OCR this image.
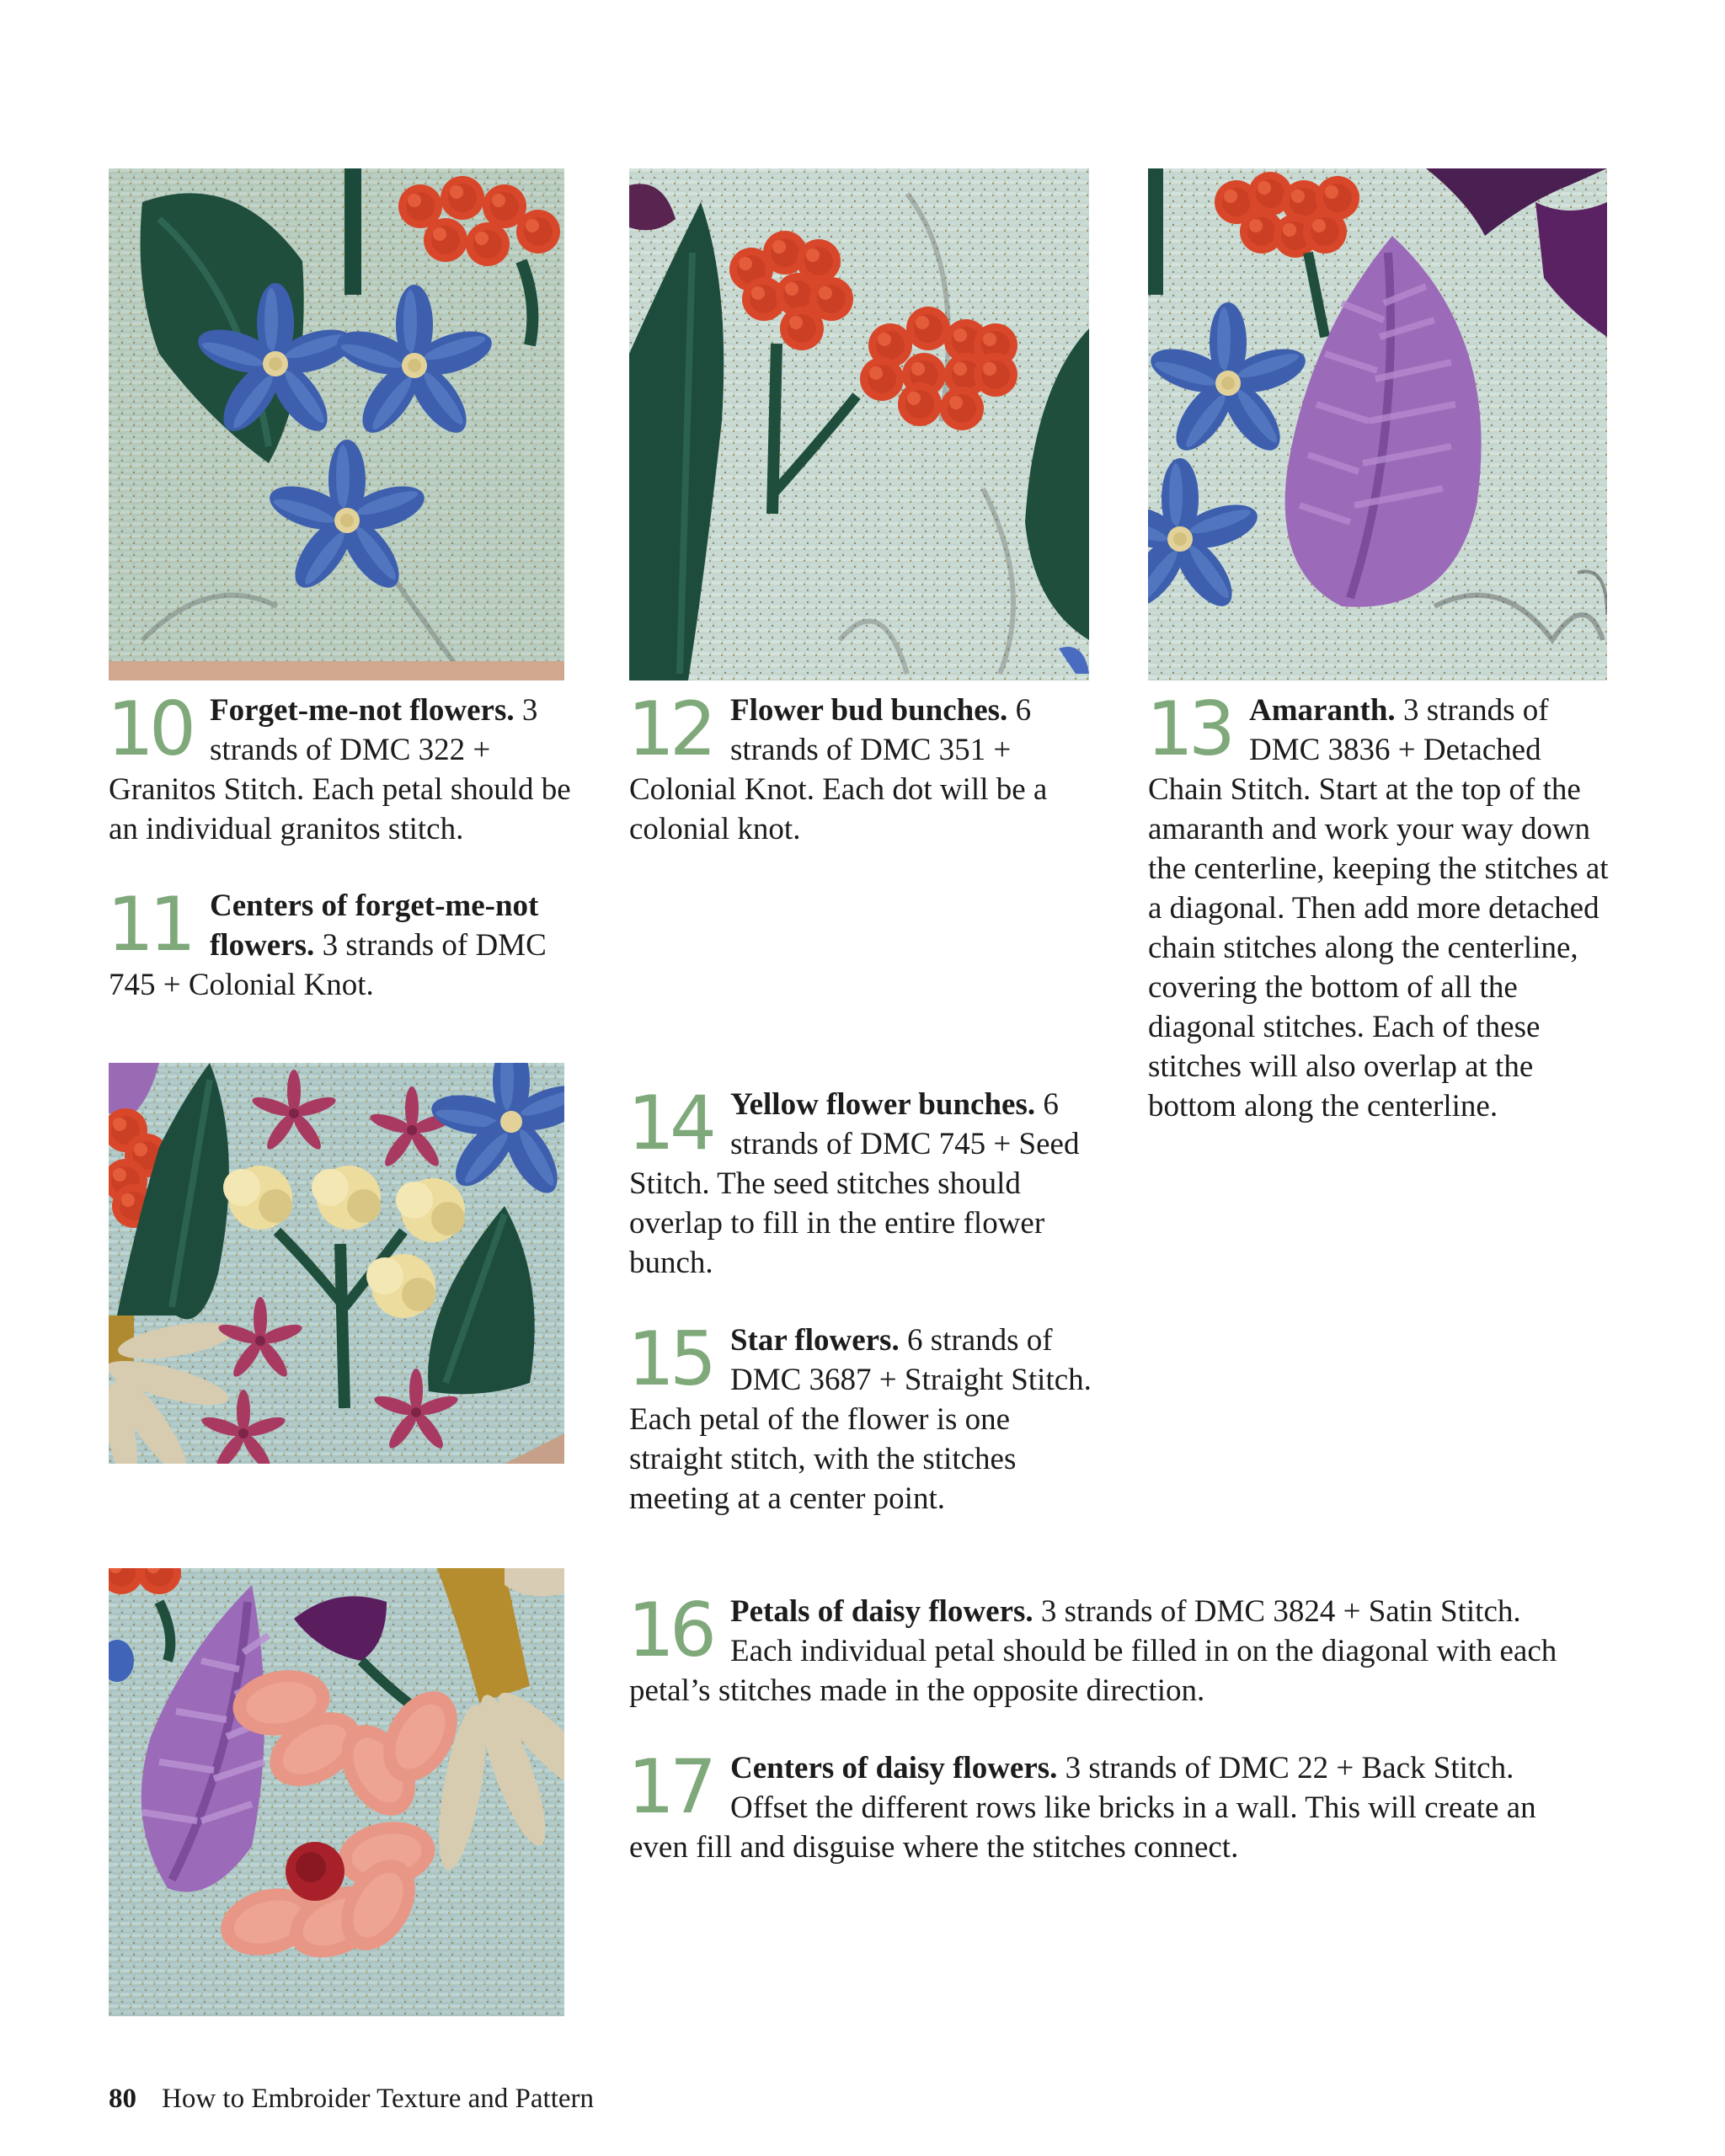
10 Forget-me-not flowers. 3 strands of DMC 322 + Granitos Stitch. Each petal should be an individual granitos stitch.
11 Centers of forget-me-not flowers. 3 strands of DMC 745 + Colonial Knot.
12 Flower bud bunches. 6 strands of DMC 351 + Colonial Knot. Each dot will be a colonial knot.
13 Amaranth. 3 strands of DMC 3836 + Detached Chain Stitch. Start at the top of the amaranth and work your way down the centerline, keeping the stitches at a diagonal. Then add more detached chain stitches along the centerline, covering the bottom of all the diagonal stitches. Each of these stitches will also overlap at the bottom along the centerline.
14 Yellow flower bunches. 6 strands of DMC 745 + Seed Stitch. The seed stitches should overlap to fill in the entire flower bunch.
15 Star flowers. 6 strands of DMC 3687 + Straight Stitch. Each petal of the flower is one straight stitch, with the stitches meeting at a center point.
16 Petals of daisy flowers. 3 strands of DMC 3824 + Satin Stitch. Each individual petal should be filled in on the diagonal with each petal’s stitches made in the opposite direction.
17 Centers of daisy flowers. 3 strands of DMC 22 + Back Stitch. Offset the different rows like bricks in a wall. This will create an even fill and disguise where the stitches connect.
80 How to Embroider Texture and Pattern
